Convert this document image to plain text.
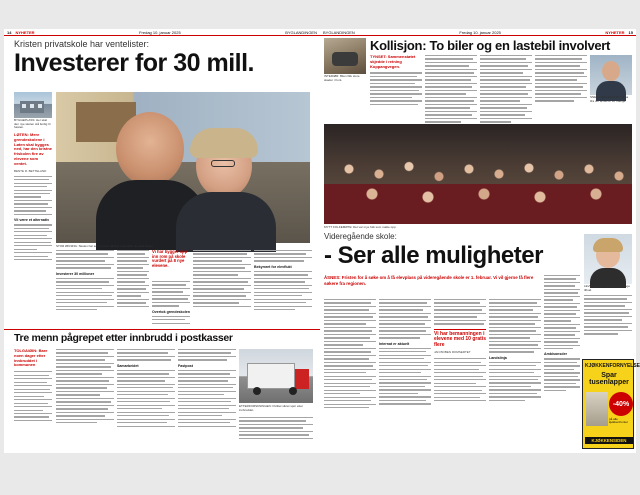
14 NYHETER	Fredag 10. januar 2025	BYGLANDINGEN
Kristen privatskole har ventelister:
Investerer for 30 mill.
BYGGEPLASS: Her skal den nye skolen stå ferdig til høsten.
LØTEN: Mere grendeskolene i Løten skal bygges ned, har den kristne friskolen fire av elevene som ventet.
BENTE R. BETTELAND
Vil være et alternativ
STOR ØKNING: Skolen har sett en jevn økning i elevtallet de siste årene.
Investerer 30 millioner
Vi har bygget opp inn rom på skole vurdert på 8 nye elevene.
Overtok grendeskolen
Bekymret for elevflukt
Tre menn pågrepet etter innbrudd i postkasser
TOLGA/ØIN: Bare noen dager etter innbruddet i kommunen	Samarbeidet	Fastpost
ETTERFORSKNINGEN: Politiet sikret spor etter innbruddet.
BYGLANDINGEN	Fredag 10. januar 2025	NYHETER 15
Kollisjon: To biler og en lastebil involvert
INTERIØR: Bilen fikk store skader i front.
TYNSET: Sammenstøtet skjedde i retning Koppangvegen.
SNELL HEIMESTUEN: Vi sa ifra om at det er for mange.
MYTT FOLKEMØTE: Det var mye folk som møtte opp.
Videregående skole:
- Ser alle muligheter
ÅSNES: Fristen for å søke om å få elevplass på videregående skole er 1. februar. Vi vil gjerne få flere søkere fra regionen.
Internat er aktuelt
Vi har bemanningen i elevene med 10 gratis flere
JAN BOBEN ROMSERTET
Landslinja
Ambisonsder
LEVEREGLER: Skolen har mange tilbud.
KJØKKENFORNYELSE
Spar tusenlapper
-40%
på alle kjøkkenfronter
KJØKKENSIDEN
